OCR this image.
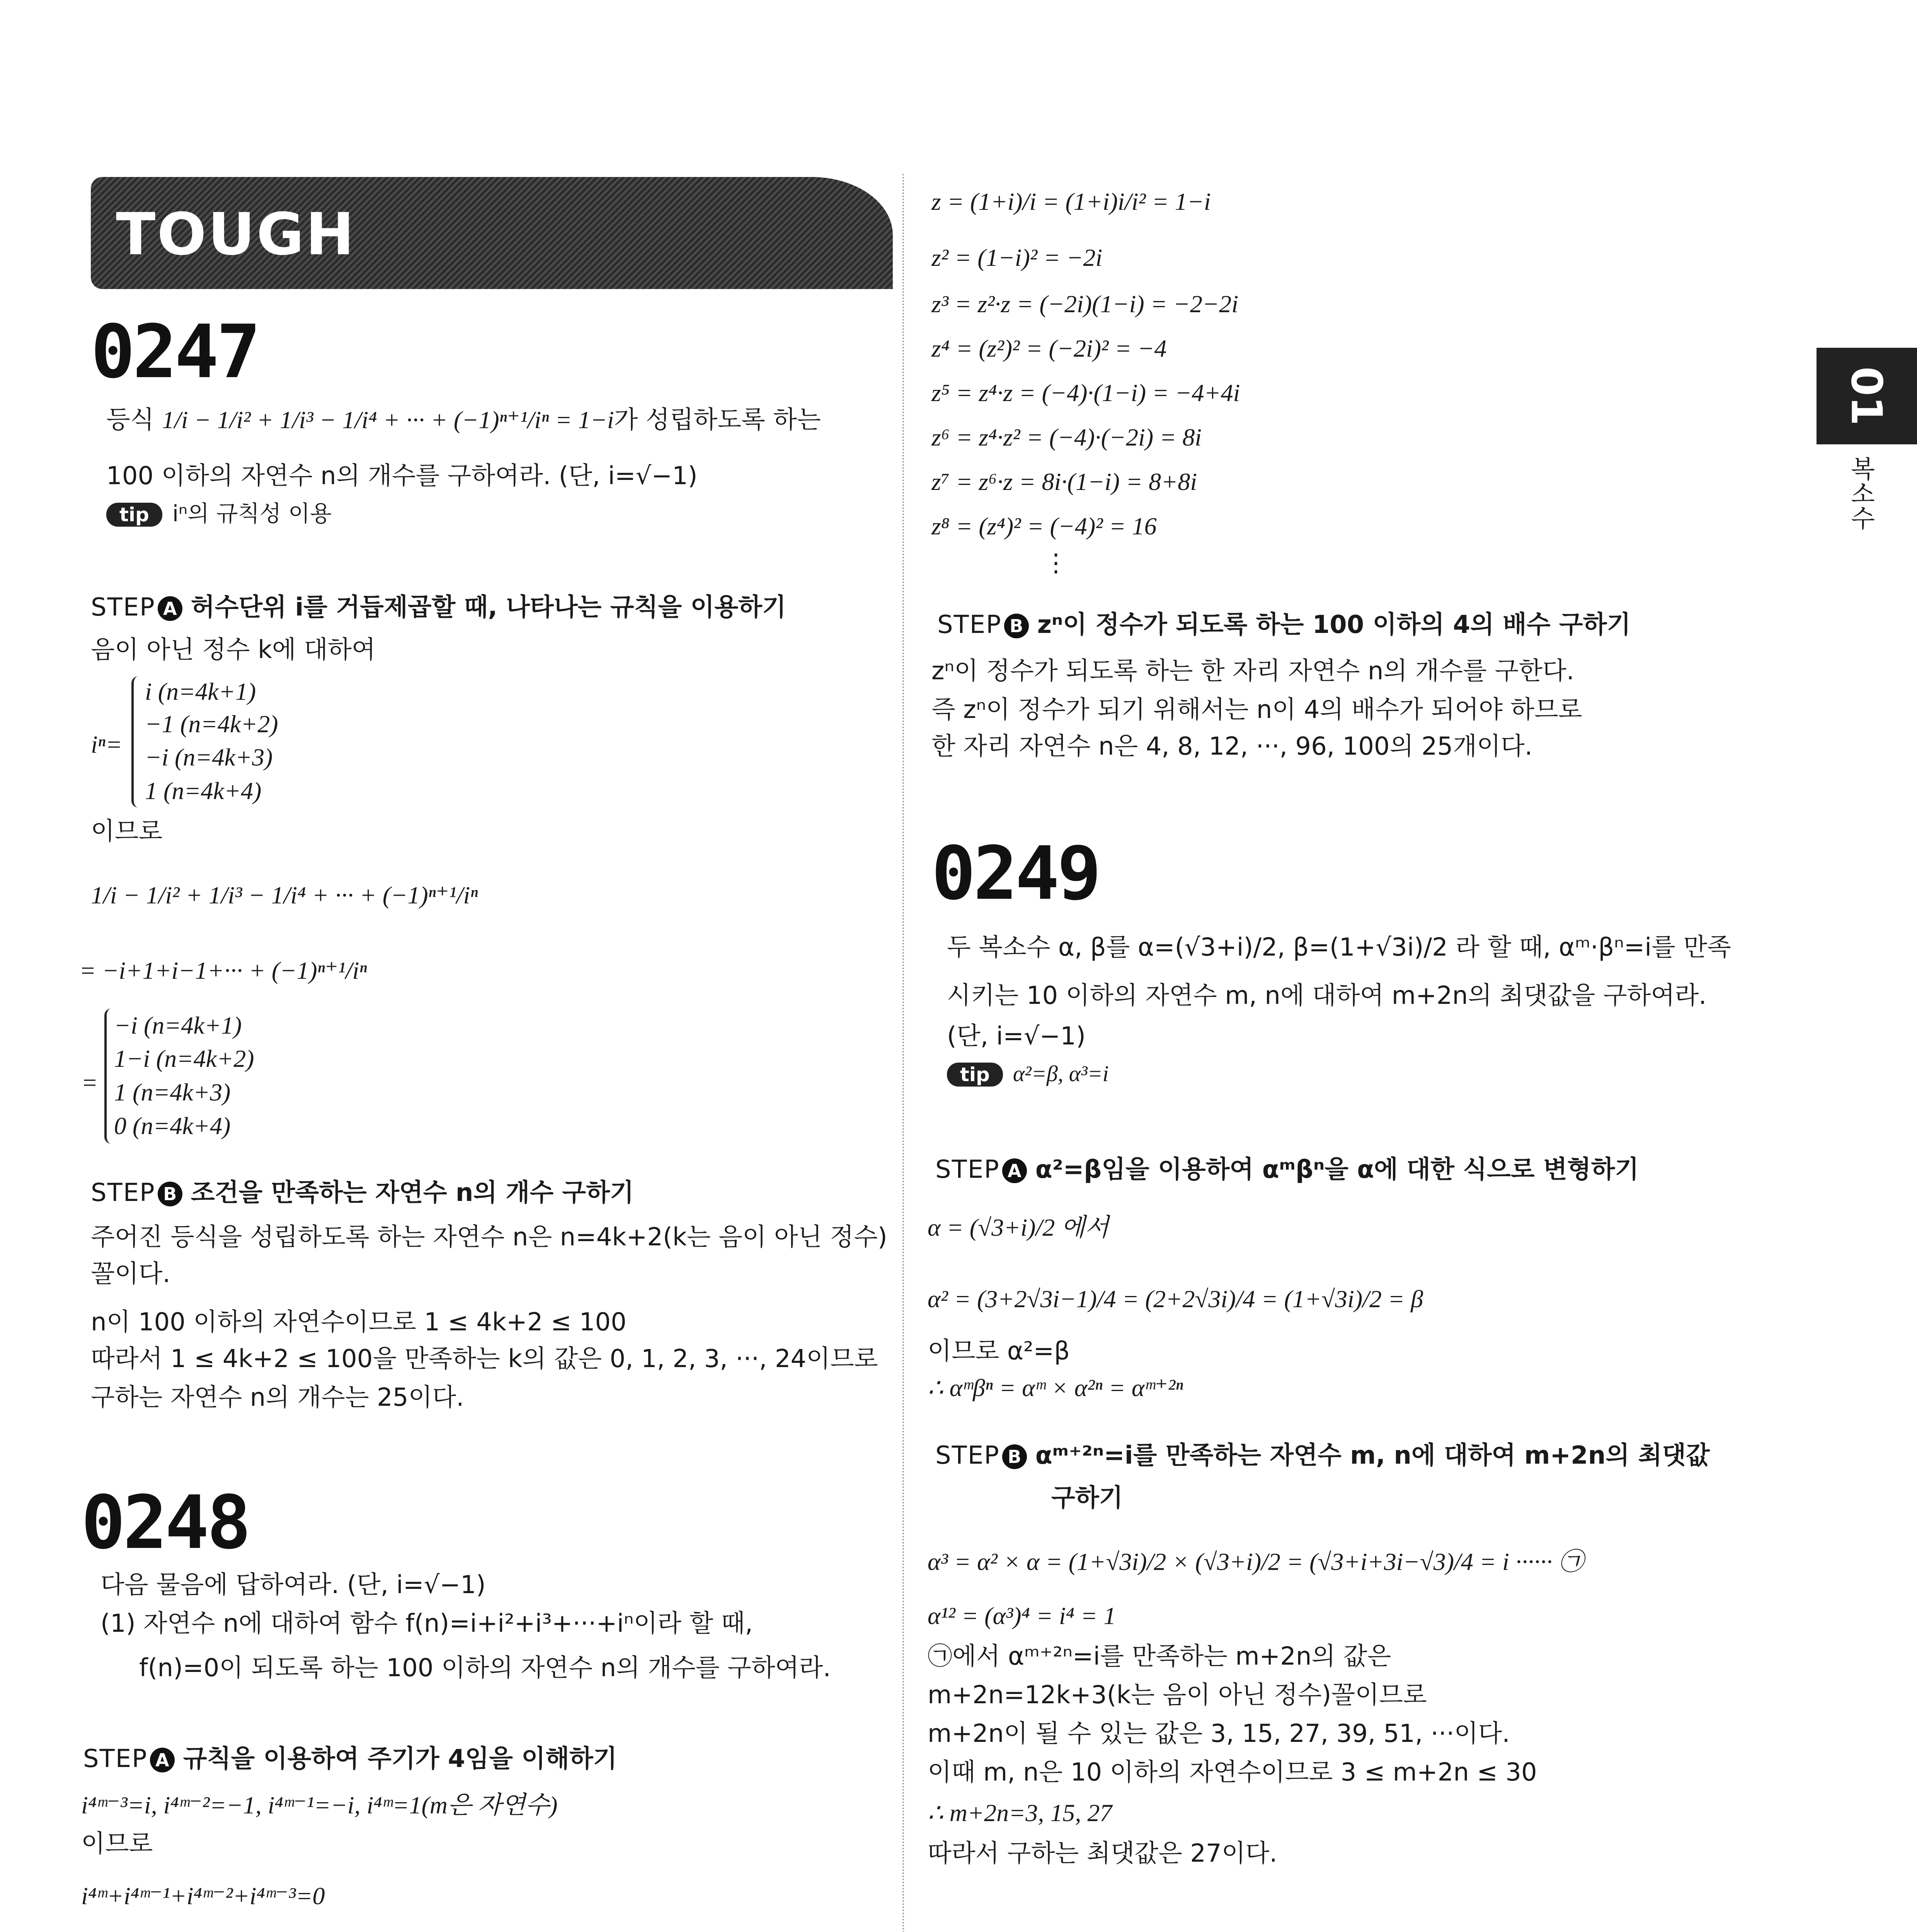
TOUGH
0247
등식 1/i − 1/i² + 1/i³ − 1/i⁴ + ··· + (−1)ⁿ⁺¹/iⁿ = 1−i가 성립하도록 하는
100 이하의 자연수 n의 개수를 구하여라. (단, i=√−1)
tip iⁿ의 규칙성 이용
STEP A 허수단위 i를 거듭제곱할 때, 나타나는 규칙을 이용하기
음이 아닌 정수 k에 대하여
iⁿ=
i (n=4k+1)
−1 (n=4k+2)
−i (n=4k+3)
1 (n=4k+4)
이므로
1/i − 1/i² + 1/i³ − 1/i⁴ + ··· + (−1)ⁿ⁺¹/iⁿ
= −i+1+i−1+··· + (−1)ⁿ⁺¹/iⁿ
=
−i (n=4k+1)
1−i (n=4k+2)
1 (n=4k+3)
0 (n=4k+4)
STEP B 조건을 만족하는 자연수 n의 개수 구하기
주어진 등식을 성립하도록 하는 자연수 n은 n=4k+2(k는 음이 아닌 정수)
꼴이다.
n이 100 이하의 자연수이므로 1 ≤ 4k+2 ≤ 100
따라서 1 ≤ 4k+2 ≤ 100을 만족하는 k의 값은 0, 1, 2, 3, ···, 24이므로
구하는 자연수 n의 개수는 25이다.
0248
다음 물음에 답하여라. (단, i=√−1)
(1) 자연수 n에 대하여 함수 f(n)=i+i²+i³+···+iⁿ이라 할 때,
f(n)=0이 되도록 하는 100 이하의 자연수 n의 개수를 구하여라.
STEP A 규칙을 이용하여 주기가 4임을 이해하기
i⁴ᵐ⁻³=i, i⁴ᵐ⁻²=−1, i⁴ᵐ⁻¹=−i, i⁴ᵐ=1(m은 자연수)
이므로
i⁴ᵐ+i⁴ᵐ⁻¹+i⁴ᵐ⁻²+i⁴ᵐ⁻³=0
z = (1+i)/i = (1+i)i/i² = 1−i
z² = (1−i)² = −2i
z³ = z²·z = (−2i)(1−i) = −2−2i
z⁴ = (z²)² = (−2i)² = −4
z⁵ = z⁴·z = (−4)·(1−i) = −4+4i
z⁶ = z⁴·z² = (−4)·(−2i) = 8i
z⁷ = z⁶·z = 8i·(1−i) = 8+8i
z⁸ = (z⁴)² = (−4)² = 16
⋮
STEP B zⁿ이 정수가 되도록 하는 100 이하의 4의 배수 구하기
zⁿ이 정수가 되도록 하는 한 자리 자연수 n의 개수를 구한다.
즉 zⁿ이 정수가 되기 위해서는 n이 4의 배수가 되어야 하므로
한 자리 자연수 n은 4, 8, 12, ···, 96, 100의 25개이다.
0249
두 복소수 α, β를 α=(√3+i)/2, β=(1+√3i)/2 라 할 때, αᵐ·βⁿ=i를 만족
시키는 10 이하의 자연수 m, n에 대하여 m+2n의 최댓값을 구하여라.
(단, i=√−1)
tip α²=β, α³=i
STEP A α²=β임을 이용하여 αᵐβⁿ을 α에 대한 식으로 변형하기
α = (√3+i)/2 에서
α² = (3+2√3i−1)/4 = (2+2√3i)/4 = (1+√3i)/2 = β
이므로 α²=β
∴ αᵐβⁿ = αᵐ × α²ⁿ = αᵐ⁺²ⁿ
STEP B αᵐ⁺²ⁿ=i를 만족하는 자연수 m, n에 대하여 m+2n의 최댓값
구하기
α³ = α² × α = (1+√3i)/2 × (√3+i)/2 = (√3+i+3i−√3)/4 = i ······ ㉠
α¹² = (α³)⁴ = i⁴ = 1
㉠에서 αᵐ⁺²ⁿ=i를 만족하는 m+2n의 값은
m+2n=12k+3(k는 음이 아닌 정수)꼴이므로
m+2n이 될 수 있는 값은 3, 15, 27, 39, 51, ···이다.
이때 m, n은 10 이하의 자연수이므로 3 ≤ m+2n ≤ 30
∴ m+2n=3, 15, 27
따라서 구하는 최댓값은 27이다.
01
복소수
